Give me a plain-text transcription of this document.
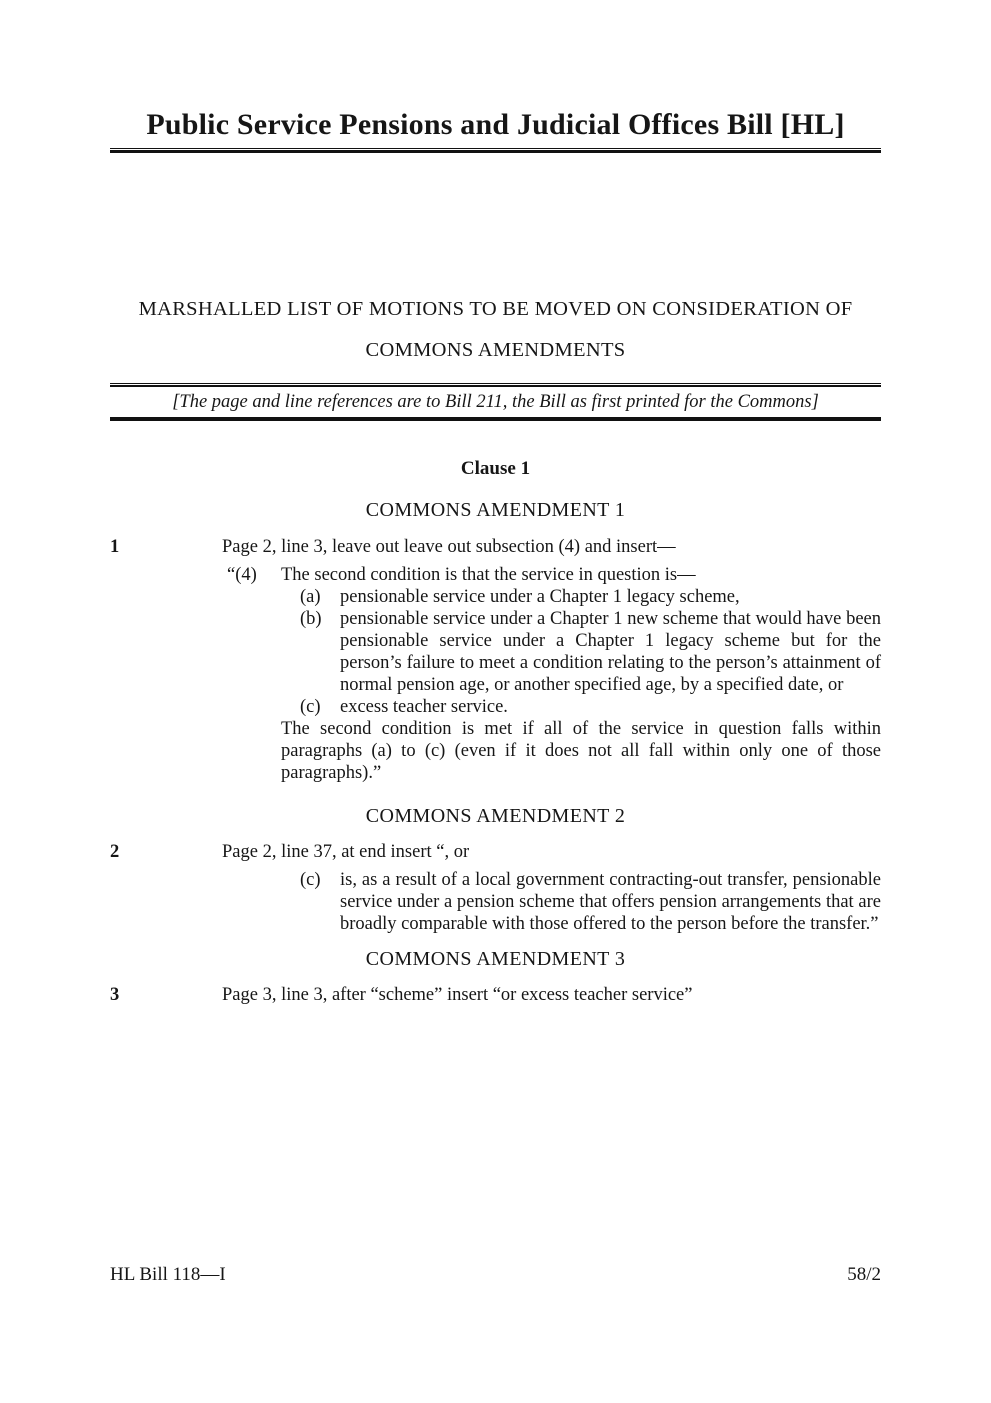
Public Service Pensions and Judicial Offices Bill [HL]
MARSHALLED LIST OF MOTIONS TO BE MOVED ON CONSIDERATION OF
COMMONS AMENDMENTS
[The page and line references are to Bill 211, the Bill as first printed for the Commons]
Clause 1
COMMONS AMENDMENT 1
1	Page 2, line 3, leave out leave out subsection (4) and insert—
“(4)	The second condition is that the service in question is—
(a)	pensionable service under a Chapter 1 legacy scheme,
(b) pensionable service under a Chapter 1 new scheme that would have been pensionable service under a Chapter 1 legacy scheme but for the person’s failure to meet a condition relating to the person’s attainment of normal pension age, or another specified age, by a specified date, or
(c)	excess teacher service.
The second condition is met if all of the service in question falls within paragraphs (a) to (c) (even if it does not all fall within only one of those paragraphs).”
COMMONS AMENDMENT 2
2	Page 2, line 37, at end insert “, or
(c)	is, as a result of a local government contracting-out transfer, pensionable service under a pension scheme that offers pension arrangements that are broadly comparable with those offered to the person before the transfer.”
COMMONS AMENDMENT 3
3	Page 3, line 3, after “scheme” insert “or excess teacher service”
HL Bill 118—I	58/2
